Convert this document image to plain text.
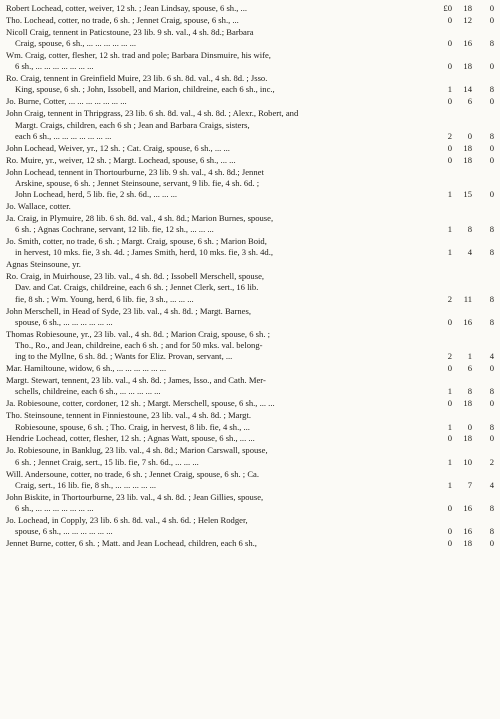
Robert Lochead, cotter, weiver, 12 sh. ; Jean Lindsay, spouse, 6 sh., ...	£0	18	0
Tho. Lochead, cotter, no trade, 6 sh. ; Jennet Craig, spouse, 6 sh., ...	0	12	0
Nicoll Craig, tennent in Paticstoune, 23 lib. 9 sh. val., 4 sh. 8d.; Barbara
Craig, spouse, 6 sh., ... ... ... ... ... ...	0	16	8
Wm. Craig, cotter, flesher, 12 sh. trad and pole; Barbara Dinsmuire, his wife,
6 sh., ... ... ... ... ... ... ...	0	18	0
Ro. Craig, tennent in Greinfield Muire, 23 lib. 6 sh. 8d. val., 4 sh. 8d. ; Jsso.
King, spouse, 6 sh. ; John, Issobell, and Marion, childreine, each 6 sh., inc.,	1	14	8
Jo. Burne, Cotter, ... ... ... ... ... ... ...	0	6	0
John Craig, tennent in Thripgrass, 23 lib. 6 sh. 8d. val., 4 sh. 8d. ; Alexr., Robert, and
Margt. Craigs, children, each 6 sh ; Jean and Barbara Craigs, sisters,
each 6 sh., ... ... ... ... ... ... ...	2	0	8
John Lochead, Weiver, yr., 12 sh. ; Cat. Craig, spouse, 6 sh., ... ...	0	18	0
Ro. Muire, yr., weiver, 12 sh. ; Margt. Lochead, spouse, 6 sh., ... ...	0	18	0
John Lochead, tennent in Thortourburne, 23 lib. 9 sh. val., 4 sh. 8d.; Jennet
Arskine, spouse, 6 sh. ; Jennet Steinsoune, servant, 9 lib. fie, 4 sh. 6d. ;
John Lochead, herd, 5 lib. fie, 2 sh. 6d., ... ... ...	1	15	0
Jo. Wallace, cotter.
Ja. Craig, in Plymuire, 28 lib. 6 sh. 8d. val., 4 sh. 8d.; Marion Burnes, spouse,
6 sh. ; Agnas Cochrane, servant, 12 lib. fie, 12 sh., ... ... ...	1	8	8
Jo. Smith, cotter, no trade, 6 sh. ; Margt. Craig, spouse, 6 sh. ; Marion Boid,
in hervest, 10 mks. fie, 3 sh. 4d. ; James Smith, herd, 10 mks. fie, 3 sh. 4d.,	1	4	8
Agnas Steinsoune, yr.
Ro. Craig, in Muirhouse, 23 lib. val., 4 sh. 8d. ; Issobell Merschell, spouse,
Dav. and Cat. Craigs, childreine, each 6 sh. ; Jennet Clerk, sert., 16 lib.
fie, 8 sh. ; Wm. Young, herd, 6 lib. fie, 3 sh., ... ... ...	2	11	8
John Merschell, in Head of Syde, 23 lib. val., 4 sh. 8d. ; Margt. Barnes,
spouse, 6 sh., ... ... ... ... ... ...	0	16	8
Thomas Robiesoune, yr., 23 lib. val., 4 sh. 8d. ; Marion Craig, spouse, 6 sh. ;
Tho., Ro., and Jean, childreine, each 6 sh. ; and for 50 mks. val. belong-
ing to the Myllne, 6 sh. 8d. ; Wants for Eliz. Provan, servant, ...	2	1	4
Mar. Hamiltoune, widow, 6 sh., ... ... ... ... ... ...	0	6	0
Margt. Stewart, tennent, 23 lib. val., 4 sh. 8d. ; James, Isso., and Cath. Mer-
schells, childreine, each 6 sh., ... ... ... ... ...	1	8	8
Ja. Robiesoune, cotter, cordoner, 12 sh. ; Margt. Merschell, spouse, 6 sh., ... ...	0	18	0
Tho. Steinsoune, tennent in Finniestoune, 23 lib. val., 4 sh. 8d. ; Margt.
Robiesoune, spouse, 6 sh. ; Tho. Craig, in hervest, 8 lib. fie, 4 sh., ...	1	0	8
Hendrie Lochead, cotter, flesher, 12 sh. ; Agnas Watt, spouse, 6 sh., ... ...	0	18	0
Jo. Robiesoune, in Banklug, 23 lib. val., 4 sh. 8d.; Marion Carswall, spouse,
6 sh. ; Jennet Craig, sert., 15 lib. fie, 7 sh. 6d., ... ... ...	1	10	2
Will. Andersoune, cotter, no trade, 6 sh. ; Jennet Craig, spouse, 6 sh. ; Ca.
Craig, sert., 16 lib. fie, 8 sh., ... ... ... ... ...	1	7	4
John Biskite, in Thortourburne, 23 lib. val., 4 sh. 8d. ; Jean Gillies, spouse,
6 sh., ... ... ... ... ... ... ...	0	16	8
Jo. Lochead, in Copply, 23 lib. 6 sh. 8d. val., 4 sh. 6d. ; Helen Rodger,
spouse, 6 sh., ... ... ... ... ... ...	0	16	8
Jennet Burne, cotter, 6 sh. ; Matt. and Jean Lochead, children, each 6 sh.,	0	18	0
